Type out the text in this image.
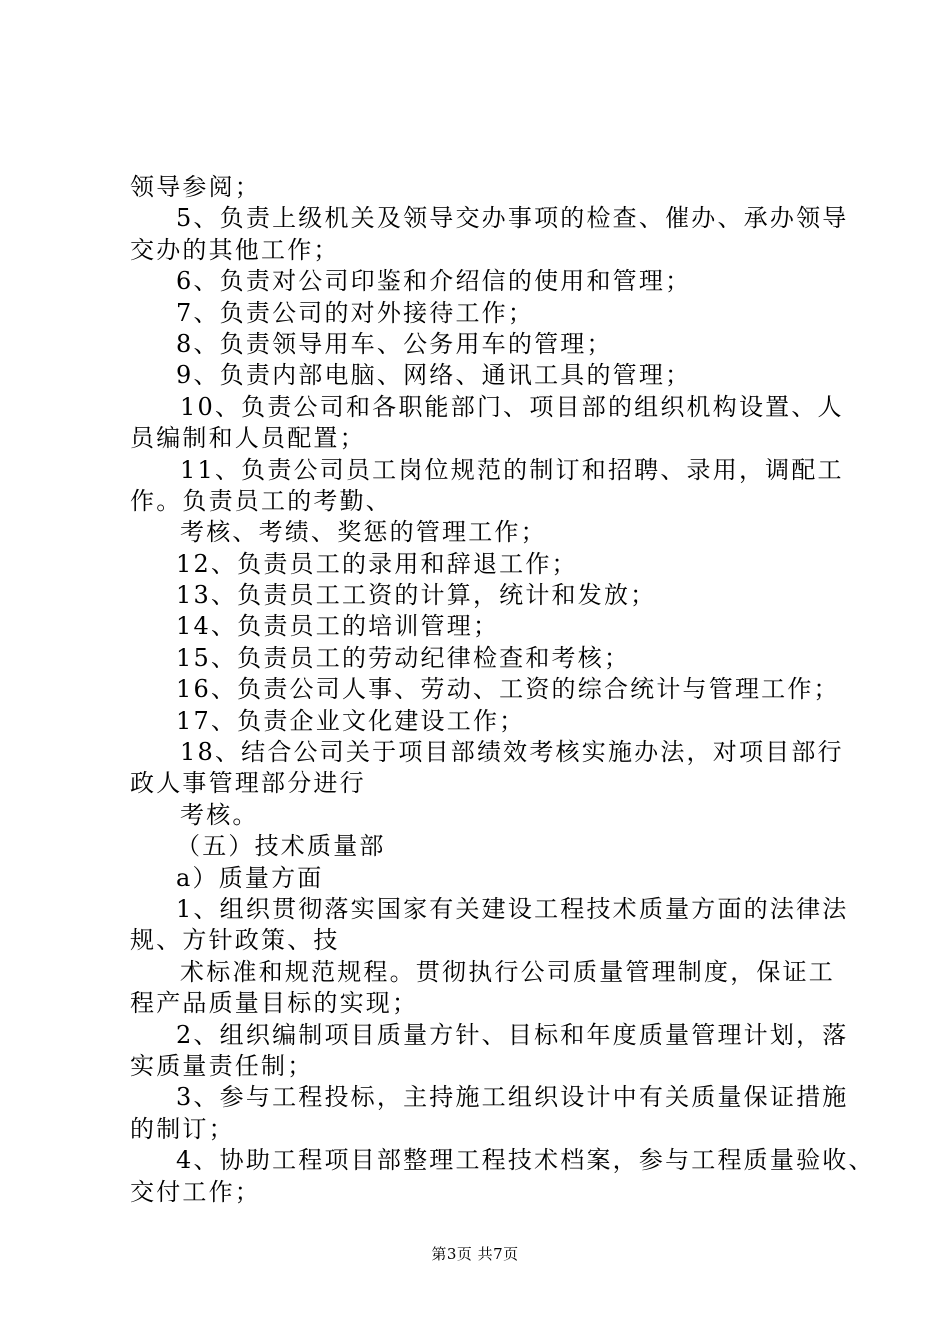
领导参阅；
5、负责上级机关及领导交办事项的检查、催办、承办领导
交办的其他工作；
6、负责对公司印鉴和介绍信的使用和管理；
7、负责公司的对外接待工作；
8、负责领导用车、公务用车的管理；
9、负责内部电脑、网络、通讯工具的管理；
10、负责公司和各职能部门、项目部的组织机构设置、人
员编制和人员配置；
11、负责公司员工岗位规范的制订和招聘、录用，调配工
作。负责员工的考勤、
考核、考绩、奖惩的管理工作；
12、负责员工的录用和辞退工作；
13、负责员工工资的计算，统计和发放；
14、负责员工的培训管理；
15、负责员工的劳动纪律检查和考核；
16、负责公司人事、劳动、工资的综合统计与管理工作；
17、负责企业文化建设工作；
18、结合公司关于项目部绩效考核实施办法，对项目部行
政人事管理部分进行
考核。
（五）技术质量部
a）质量方面
1、组织贯彻落实国家有关建设工程技术质量方面的法律法
规、方针政策、技
术标准和规范规程。贯彻执行公司质量管理制度，保证工
程产品质量目标的实现；
2、组织编制项目质量方针、目标和年度质量管理计划，落
实质量责任制；
3、参与工程投标，主持施工组织设计中有关质量保证措施
的制订；
4、协助工程项目部整理工程技术档案，参与工程质量验收、
交付工作；
第3页 共7页
